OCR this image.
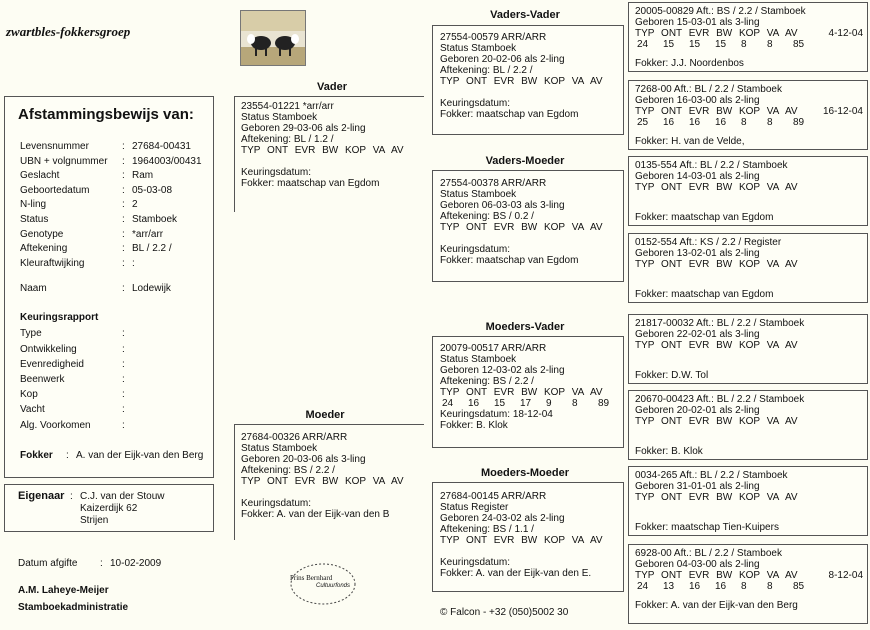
zwartbles-fokkersgroep
Afstammingsbewijs van:
Levensnummer	: 27684-00431
UBN + volgnummer : 1964003/00431
Geslacht	: Ram
Geboortedatum	: 05-03-08
N-ling	: 2
Status	: Stamboek
Genotype	: *arr/arr
Aftekening	: BL / 2.2 /
Kleuraftwijking	: :
Naam	: Lodewijk
Keuringsrapport
Type	:
Ontwikkeling	:
Evenredigheid	:
Beenwerk	:
Kop	:
Vacht	:
Alg. Voorkomen	:
Fokker : A. van der Eijk-van den Berg
Eigenaar : C.J. van der Stouw
Kaizerdijk 62
Strijen
Datum afgifte : 10-02-2009
A.M. Laheye-Meijer
Stamboekadministratie
Prins Bernhard
Cultuurfonds
Vader
23554-01221 *arr/arr
Status Stamboek
Geboren 29-03-06 als 2-ling
Aftekening: BL / 1.2 /
TYP ONT EVR BW KOP VA AV
Keuringsdatum:
Fokker: maatschap van Egdom
Moeder
27684-00326 ARR/ARR
Status Stamboek
Geboren 20-03-06 als 3-ling
Aftekening: BS / 2.2 /
TYP ONT EVR BW KOP VA AV
Keuringsdatum:
Fokker: A. van der Eijk-van den B
Vaders-Vader
27554-00579 ARR/ARR
Status Stamboek
Geboren 20-02-06 als 2-ling
Aftekening: BL / 2.2 /
TYP ONT EVR BW KOP VA AV
Keuringsdatum:
Fokker: maatschap van Egdom
Vaders-Moeder
27554-00378 ARR/ARR
Status Stamboek
Geboren 06-03-03 als 3-ling
Aftekening: BS / 0.2 /
TYP ONT EVR BW KOP VA AV
Keuringsdatum:
Fokker: maatschap van Egdom
Moeders-Vader
20079-00517 ARR/ARR
Status Stamboek
Geboren 12-03-02 als 2-ling
Aftekening: BS / 2.2 /
TYP ONT EVR BW KOP VA AV
24	16	15	17	9	8	89
Keuringsdatum: 18-12-04
Fokker: B. Klok
Moeders-Moeder
27684-00145 ARR/ARR
Status Register
Geboren 24-03-02 als 2-ling
Aftekening: BS / 1.1 /
TYP ONT EVR BW KOP VA AV
Keuringsdatum:
Fokker: A. van der Eijk-van den E.
© Falcon - +32 (050)5002 30
20005-00829 Aft.: BS / 2.2 / Stamboek
Geboren 15-03-01 als 3-ling
TYP ONT EVR BW KOP VA AV	4-12-04
24	15	15	15	8	8	85
Fokker: J.J. Noordenbos
7268-00 Aft.: BL / 2.2 / Stamboek
Geboren 16-03-00 als 2-ling
TYP ONT EVR BW KOP VA AV	16-12-04
25	16	16	16	8	8	89
Fokker: H. van de Velde,
0135-554 Aft.: BL / 2.2 / Stamboek
Geboren 14-03-01 als 2-ling
TYP ONT EVR BW KOP VA AV
Fokker: maatschap van Egdom
0152-554 Aft.: KS / 2.2 / Register
Geboren 13-02-01 als 2-ling
TYP ONT EVR BW KOP VA AV
Fokker: maatschap van Egdom
21817-00032 Aft.: BL / 2.2 / Stamboek
Geboren 22-02-01 als 3-ling
TYP ONT EVR BW KOP VA AV
Fokker: D.W. Tol
20670-00423 Aft.: BL / 2.2 / Stamboek
Geboren 20-02-01 als 2-ling
TYP ONT EVR BW KOP VA AV
Fokker: B. Klok
0034-265 Aft.: BL / 2.2 / Stamboek
Geboren 31-01-01 als 2-ling
TYP ONT EVR BW KOP VA AV
Fokker: maatschap Tien-Kuipers
6928-00 Aft.: BL / 2.2 / Stamboek
Geboren 04-03-00 als 2-ling
TYP ONT EVR BW KOP VA AV	8-12-04
24	13	16	16	8	8	85
Fokker: A. van der Eijk-van den Berg
